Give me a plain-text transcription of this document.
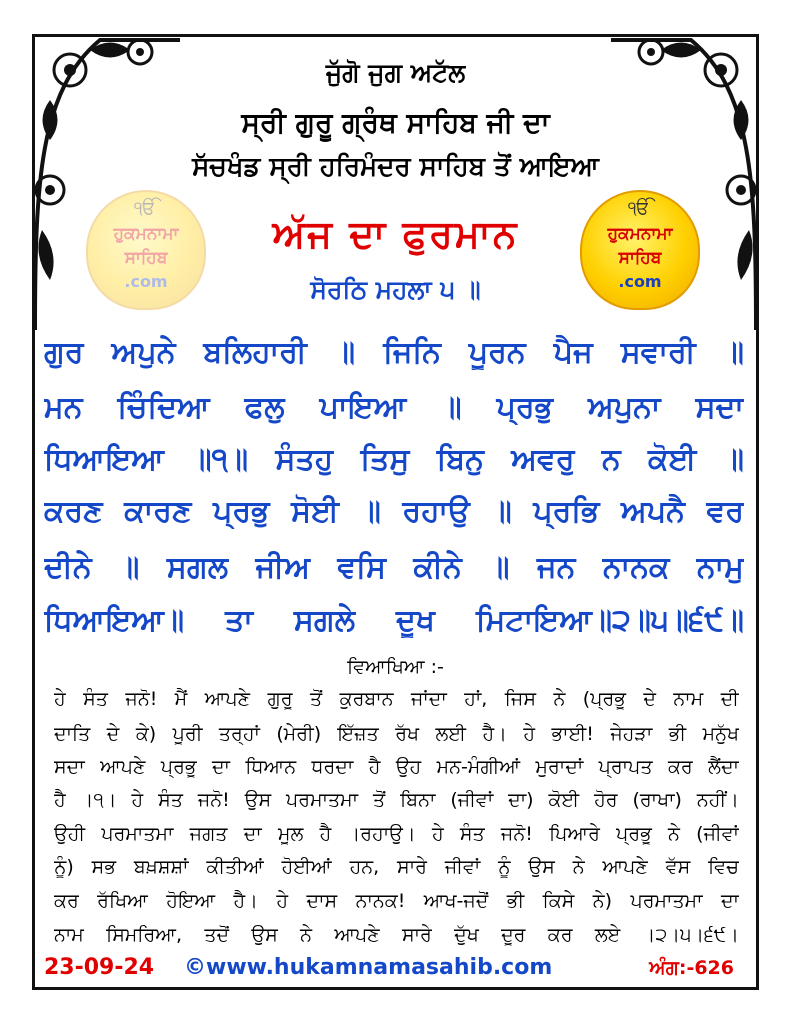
ਜੁੱਗੋ ਜੁਗ ਅਟੱਲ
ਸ੍ਰੀ ਗੁਰੂ ਗ੍ਰੰਥ ਸਾਹਿਬ ਜੀ ਦਾ
ਸੱਚਖੰਡ ਸ੍ਰੀ ਹਰਿਮੰਦਰ ਸਾਹਿਬ ਤੋਂ ਆਇਆ
ੴ
ਹੁਕਮਨਾਮਾ
ਸਾਹਿਬ
.com
ਅੱਜ ਦਾ ਫੁਰਮਾਨ
ਸੋਰਠਿ ਮਹਲਾ ੫ ॥
ੴ
ਹੁਕਮਨਾਮਾ
ਸਾਹਿਬ
.com
ਗੁਰ ਅਪੁਨੇ ਬਲਿਹਾਰੀ ॥ ਜਿਨਿ ਪੂਰਨ ਪੈਜ ਸਵਾਰੀ ॥
ਮਨ ਚਿੰਦਿਆ ਫਲੁ ਪਾਇਆ ॥ ਪ੍ਰਭੁ ਅਪੁਨਾ ਸਦਾ
ਧਿਆਇਆ ॥੧॥ ਸੰਤਹੁ ਤਿਸੁ ਬਿਨੁ ਅਵਰੁ ਨ ਕੋਈ ॥
ਕਰਣ ਕਾਰਣ ਪ੍ਰਭੁ ਸੋਈ ॥ ਰਹਾਉ ॥ ਪ੍ਰਭਿ ਅਪਨੈ ਵਰ
ਦੀਨੇ ॥ ਸਗਲ ਜੀਅ ਵਸਿ ਕੀਨੇ ॥ ਜਨ ਨਾਨਕ ਨਾਮੁ
ਧਿਆਇਆ॥ ਤਾ ਸਗਲੇ ਦੂਖ ਮਿਟਾਇਆ॥੨॥੫॥੬੯॥
ਵਿਆਖਿਆ :-
ਹੇ ਸੰਤ ਜਨੋ! ਮੈਂ ਆਪਣੇ ਗੁਰੂ ਤੋਂ ਕੁਰਬਾਨ ਜਾਂਦਾ ਹਾਂ, ਜਿਸ ਨੇ (ਪ੍ਰਭੂ ਦੇ ਨਾਮ ਦੀ
ਦਾਤਿ ਦੇ ਕੇ) ਪੂਰੀ ਤਰ੍ਹਾਂ (ਮੇਰੀ) ਇੱਜ਼ਤ ਰੱਖ ਲਈ ਹੈ। ਹੇ ਭਾਈ! ਜੇਹੜਾ ਭੀ ਮਨੁੱਖ
ਸਦਾ ਆਪਣੇ ਪ੍ਰਭੂ ਦਾ ਧਿਆਨ ਧਰਦਾ ਹੈ ਉਹ ਮਨ-ਮੰਗੀਆਂ ਮੁਰਾਦਾਂ ਪ੍ਰਾਪਤ ਕਰ ਲੈਂਦਾ
ਹੈ ।੧। ਹੇ ਸੰਤ ਜਨੋ! ਉਸ ਪਰਮਾਤਮਾ ਤੋਂ ਬਿਨਾ (ਜੀਵਾਂ ਦਾ) ਕੋਈ ਹੋਰ (ਰਾਖਾ) ਨਹੀਂ।
ਉਹੀ ਪਰਮਾਤਮਾ ਜਗਤ ਦਾ ਮੂਲ ਹੈ ।ਰਹਾਉ। ਹੇ ਸੰਤ ਜਨੋ! ਪਿਆਰੇ ਪ੍ਰਭੂ ਨੇ (ਜੀਵਾਂ
ਨੂੰ) ਸਭ ਬਖ਼ਸ਼ਸ਼ਾਂ ਕੀਤੀਆਂ ਹੋਈਆਂ ਹਨ, ਸਾਰੇ ਜੀਵਾਂ ਨੂੰ ਉਸ ਨੇ ਆਪਣੇ ਵੱਸ ਵਿਚ
ਕਰ ਰੱਖਿਆ ਹੋਇਆ ਹੈ। ਹੇ ਦਾਸ ਨਾਨਕ! ਆਖ-ਜਦੋਂ ਭੀ ਕਿਸੇ ਨੇ) ਪਰਮਾਤਮਾ ਦਾ
ਨਾਮ ਸਿਮਰਿਆ, ਤਦੋਂ ਉਸ ਨੇ ਆਪਣੇ ਸਾਰੇ ਦੁੱਖ ਦੂਰ ਕਰ ਲਏ ।੨।੫।੬੯।
23-09-24 ©www.hukamnamasahib.com	ਅੰਗ:-626
